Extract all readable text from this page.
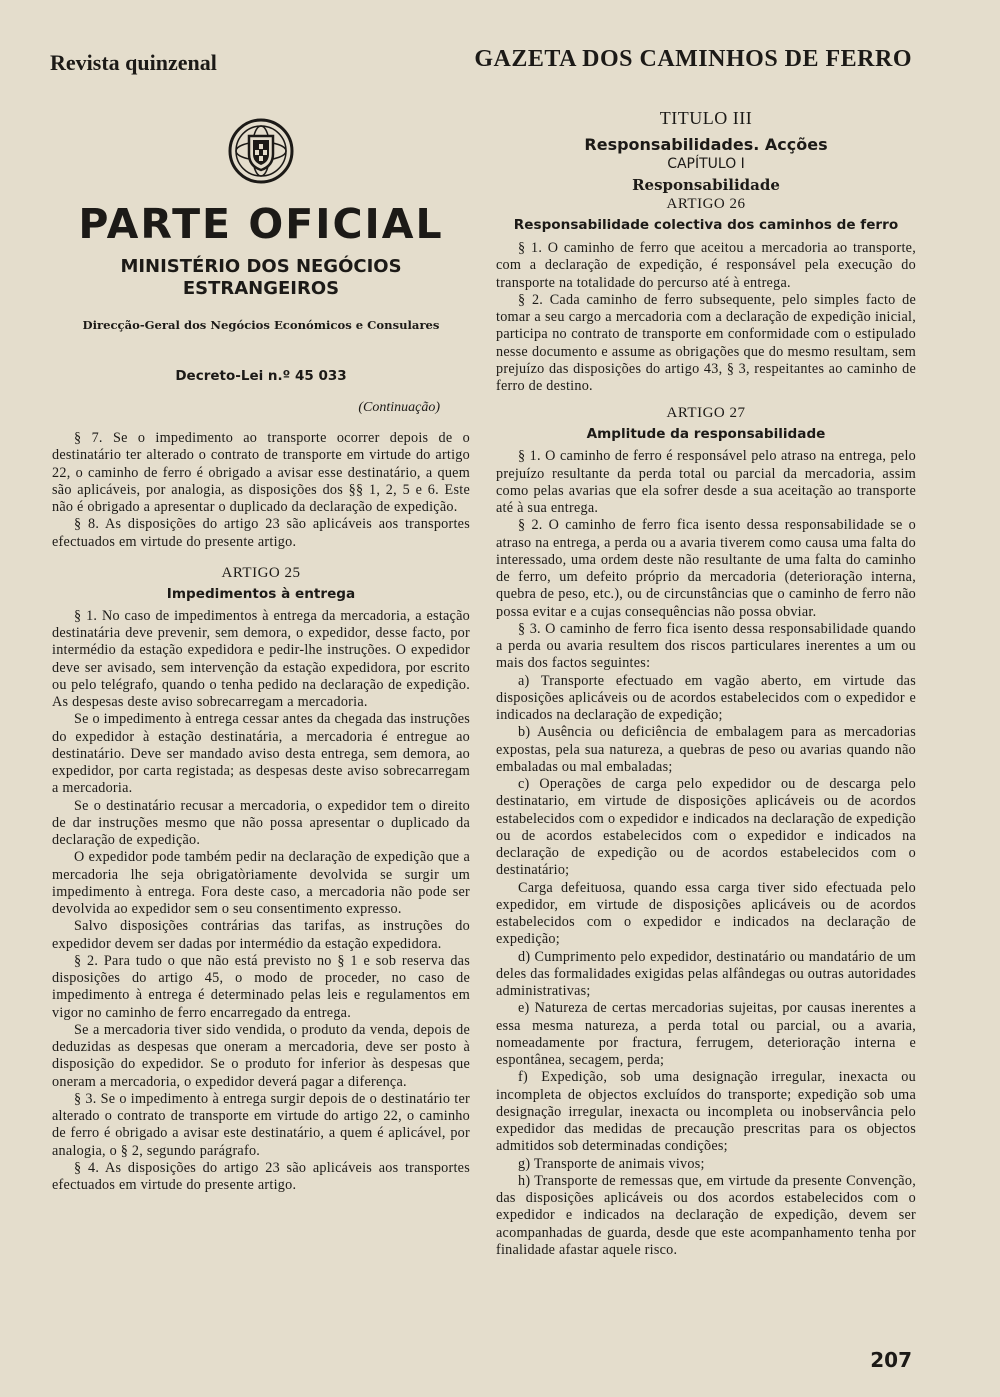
Revista quinzenal	GAZETA DOS CAMINHOS DE FERRO
PARTE OFICIAL
MINISTÉRIO DOS NEGÓCIOS
ESTRANGEIROS
Direcção-Geral dos Negócios Económicos e Consulares
Decreto-Lei n.º 45 033
(Continuação)

§ 7. Se o impedimento ao transporte ocorrer depois de o destinatário ter alterado o contrato de transporte em virtude do artigo 22, o caminho de ferro é obrigado a avisar esse destinatário, a quem são aplicáveis, por analogia, as disposições dos §§ 1, 2, 5 e 6. Este não é obrigado a apresentar o duplicado da declaração de expedição.

§ 8. As disposições do artigo 23 são aplicáveis aos transportes efectuados em virtude do presente artigo.

ARTIGO 25
Impedimentos à entrega

§ 1. No caso de impedimentos à entrega da mercadoria, a estação destinatária deve prevenir, sem demora, o expedidor, desse facto, por intermédio da estação expedidora e pedir-lhe instruções. O expedidor deve ser avisado, sem intervenção da estação expedidora, por escrito ou pelo telégrafo, quando o tenha pedido na declaração de expedição. As despesas deste aviso sobrecarregam a mercadoria.

Se o impedimento à entrega cessar antes da chegada das instruções do expedidor à estação destinatária, a mercadoria é entregue ao destinatário. Deve ser mandado aviso desta entrega, sem demora, ao expedidor, por carta registada; as despesas deste aviso sobrecarregam a mercadoria.

Se o destinatário recusar a mercadoria, o expedidor tem o direito de dar instruções mesmo que não possa apresentar o duplicado da declaração de expedição.

O expedidor pode também pedir na declaração de expedição que a mercadoria lhe seja obrigatòriamente devolvida se surgir um impedimento à entrega. Fora deste caso, a mercadoria não pode ser devolvida ao expedidor sem o seu consentimento expresso.

Salvo disposições contrárias das tarifas, as instruções do expedidor devem ser dadas por intermédio da estação expedidora.

§ 2. Para tudo o que não está previsto no § 1 e sob reserva das disposições do artigo 45, o modo de proceder, no caso de impedimento à entrega é determinado pelas leis e regulamentos em vigor no caminho de ferro encarregado da entrega.

Se a mercadoria tiver sido vendida, o produto da venda, depois de deduzidas as despesas que oneram a mercadoria, deve ser posto à disposição do expedidor. Se o produto for inferior às despesas que oneram a mercadoria, o expedidor deverá pagar a diferença.

§ 3. Se o impedimento à entrega surgir depois de o destinatário ter alterado o contrato de transporte em virtude do artigo 22, o caminho de ferro é obrigado a avisar este destinatário, a quem é aplicável, por analogia, o § 2, segundo parágrafo.

§ 4. As disposições do artigo 23 são aplicáveis aos transportes efectuados em virtude do presente artigo.

TITULO III
Responsabilidades. Acções
CAPÍTULO I
Responsabilidade
ARTIGO 26
Responsabilidade colectiva dos caminhos de ferro

§ 1. O caminho de ferro que aceitou a mercadoria ao transporte, com a declaração de expedição, é responsável pela execução do transporte na totalidade do percurso até à entrega.

§ 2. Cada caminho de ferro subsequente, pelo simples facto de tomar a seu cargo a mercadoria com a declaração de expedição inicial, participa no contrato de transporte em conformidade com o estipulado nesse documento e assume as obrigações que do mesmo resultam, sem prejuízo das disposições do artigo 43, § 3, respeitantes ao caminho de ferro de destino.

ARTIGO 27
Amplitude da responsabilidade

§ 1. O caminho de ferro é responsável pelo atraso na entrega, pelo prejuízo resultante da perda total ou parcial da mercadoria, assim como pelas avarias que ela sofrer desde a sua aceitação ao transporte até à sua entrega.

§ 2. O caminho de ferro fica isento dessa responsabilidade se o atraso na entrega, a perda ou a avaria tiverem como causa uma falta do interessado, uma ordem deste não resultante de uma falta do caminho de ferro, um defeito próprio da mercadoria (deterioração interna, quebra de peso, etc.), ou de circunstâncias que o caminho de ferro não possa evitar e a cujas consequências não possa obviar.

§ 3. O caminho de ferro fica isento dessa responsabilidade quando a perda ou avaria resultem dos riscos particulares inerentes a um ou mais dos factos seguintes:

a) Transporte efectuado em vagão aberto, em virtude das disposições aplicáveis ou de acordos estabelecidos com o expedidor e indicados na declaração de expedição;

b) Ausência ou deficiência de embalagem para as mercadorias expostas, pela sua natureza, a quebras de peso ou avarias quando não embaladas ou mal embaladas;

c) Operações de carga pelo expedidor ou de descarga pelo destinatario, em virtude de disposições aplicáveis ou de acordos estabelecidos com o expedidor e indicados na declaração de expedição ou de acordos estabelecidos com o expedidor e indicados na declaração de expedição ou de acordos estabelecidos com o destinatário;

Carga defeituosa, quando essa carga tiver sido efectuada pelo expedidor, em virtude de disposições aplicáveis ou de acordos estabelecidos com o expedidor e indicados na declaração de expedição;

d) Cumprimento pelo expedidor, destinatário ou mandatário de um deles das formalidades exigidas pelas alfândegas ou outras autoridades administrativas;

e) Natureza de certas mercadorias sujeitas, por causas inerentes a essa mesma natureza, a perda total ou parcial, ou a avaria, nomeadamente por fractura, ferrugem, deterioração interna e espontânea, secagem, perda;

f) Expedição, sob uma designação irregular, inexacta ou incompleta de objectos excluídos do transporte; expedição sob uma designação irregular, inexacta ou incompleta ou inobservância pelo expedidor das medidas de precaução prescritas para os objectos admitidos sob determinadas condições;

g) Transporte de animais vivos;

h) Transporte de remessas que, em virtude da presente Convenção, das disposições aplicáveis ou dos acordos estabelecidos com o expedidor e indicados na declaração de expedição, devem ser acompanhadas de guarda, desde que este acompanhamento tenha por finalidade afastar aquele risco.

207
